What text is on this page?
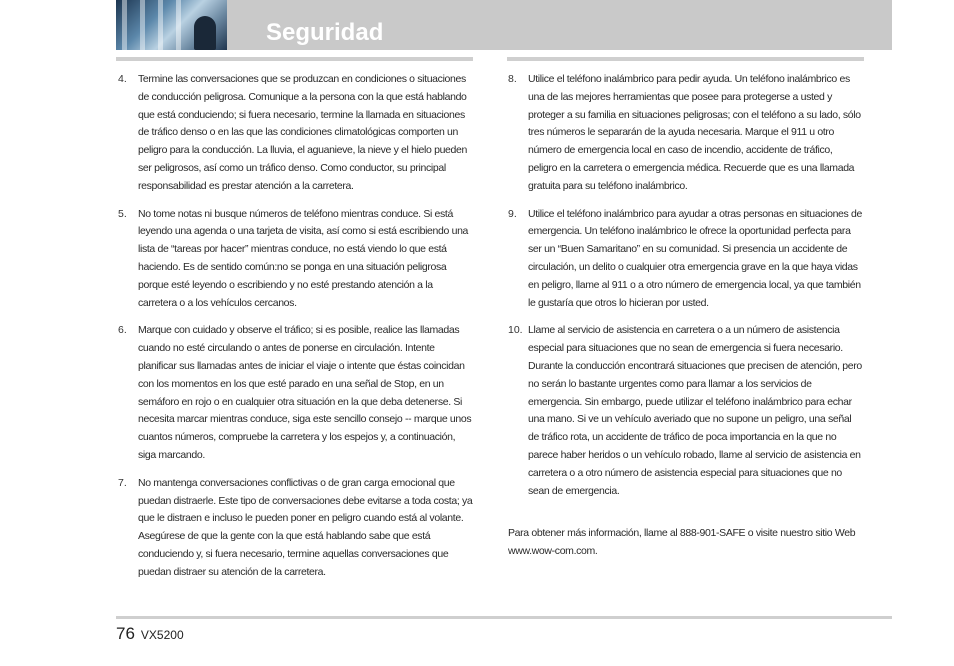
Seguridad
4. Termine las conversaciones que se produzcan en condiciones o situaciones de conducción peligrosa. Comunique a la persona con la que está hablando que está conduciendo; si fuera necesario, termine la llamada en situaciones de tráfico denso o en las que las condiciones climatológicas comporten un peligro para la conducción. La lluvia, el aguanieve, la nieve y el hielo pueden ser peligrosos, así como un tráfico denso. Como conductor, su principal responsabilidad es prestar atención a la carretera.

5. No tome notas ni busque números de teléfono mientras conduce. Si está leyendo una agenda o una tarjeta de visita, así como si está escribiendo una lista de “tareas por hacer” mientras conduce, no está viendo lo que está haciendo. Es de sentido común:no se ponga en una situación peligrosa porque esté leyendo o escribiendo y no esté prestando atención a la carretera o a los vehículos cercanos.

6. Marque con cuidado y observe el tráfico; si es posible, realice las llamadas cuando no esté circulando o antes de ponerse en circulación. Intente planificar sus llamadas antes de iniciar el viaje o intente que éstas coincidan con los momentos en los que esté parado en una señal de Stop, en un semáforo en rojo o en cualquier otra situación en la que deba detenerse. Si necesita marcar mientras conduce, siga este sencillo consejo -- marque unos cuantos números, compruebe la carretera y los espejos y, a continuación, siga marcando.

7. No mantenga conversaciones conflictivas o de gran carga emocional que puedan distraerle. Este tipo de conversaciones debe evitarse a toda costa; ya que le distraen e incluso le pueden poner en peligro cuando está al volante. Asegúrese de que la gente con la que está hablando sabe que está conduciendo y, si fuera necesario, termine aquellas conversaciones que puedan distraer su atención de la carretera.

8. Utilice el teléfono inalámbrico para pedir ayuda. Un teléfono inalámbrico es una de las mejores herramientas que posee para protegerse a usted y proteger a su familia en situaciones peligrosas; con el teléfono a su lado, sólo tres números le separarán de la ayuda necesaria. Marque el 911 u otro número de emergencia local en caso de incendio, accidente de tráfico, peligro en la carretera o emergencia médica. Recuerde que es una llamada gratuita para su teléfono inalámbrico.

9. Utilice el teléfono inalámbrico para ayudar a otras personas en situaciones de emergencia. Un teléfono inalámbrico le ofrece la oportunidad perfecta para ser un “Buen Samaritano” en su comunidad. Si presencia un accidente de circulación, un delito o cualquier otra emergencia grave en la que haya vidas en peligro, llame al 911 o a otro número de emergencia local, ya que también le gustaría que otros lo hicieran por usted.

10. Llame al servicio de asistencia en carretera o a un número de asistencia especial para situaciones que no sean de emergencia si fuera necesario. Durante la conducción encontrará situaciones que precisen de atención, pero no serán lo bastante urgentes como para llamar a los servicios de emergencia. Sin embargo, puede utilizar el teléfono inalámbrico para echar una mano. Si ve un vehículo averiado que no supone un peligro, una señal de tráfico rota, un accidente de tráfico de poca importancia en la que no parece haber heridos o un vehículo robado, llame al servicio de asistencia en carretera o a otro número de asistencia especial para situaciones que no sean de emergencia.

Para obtener más información, llame al 888-901-SAFE o visite nuestro sitio Web www.wow-com.com.

76 VX5200
